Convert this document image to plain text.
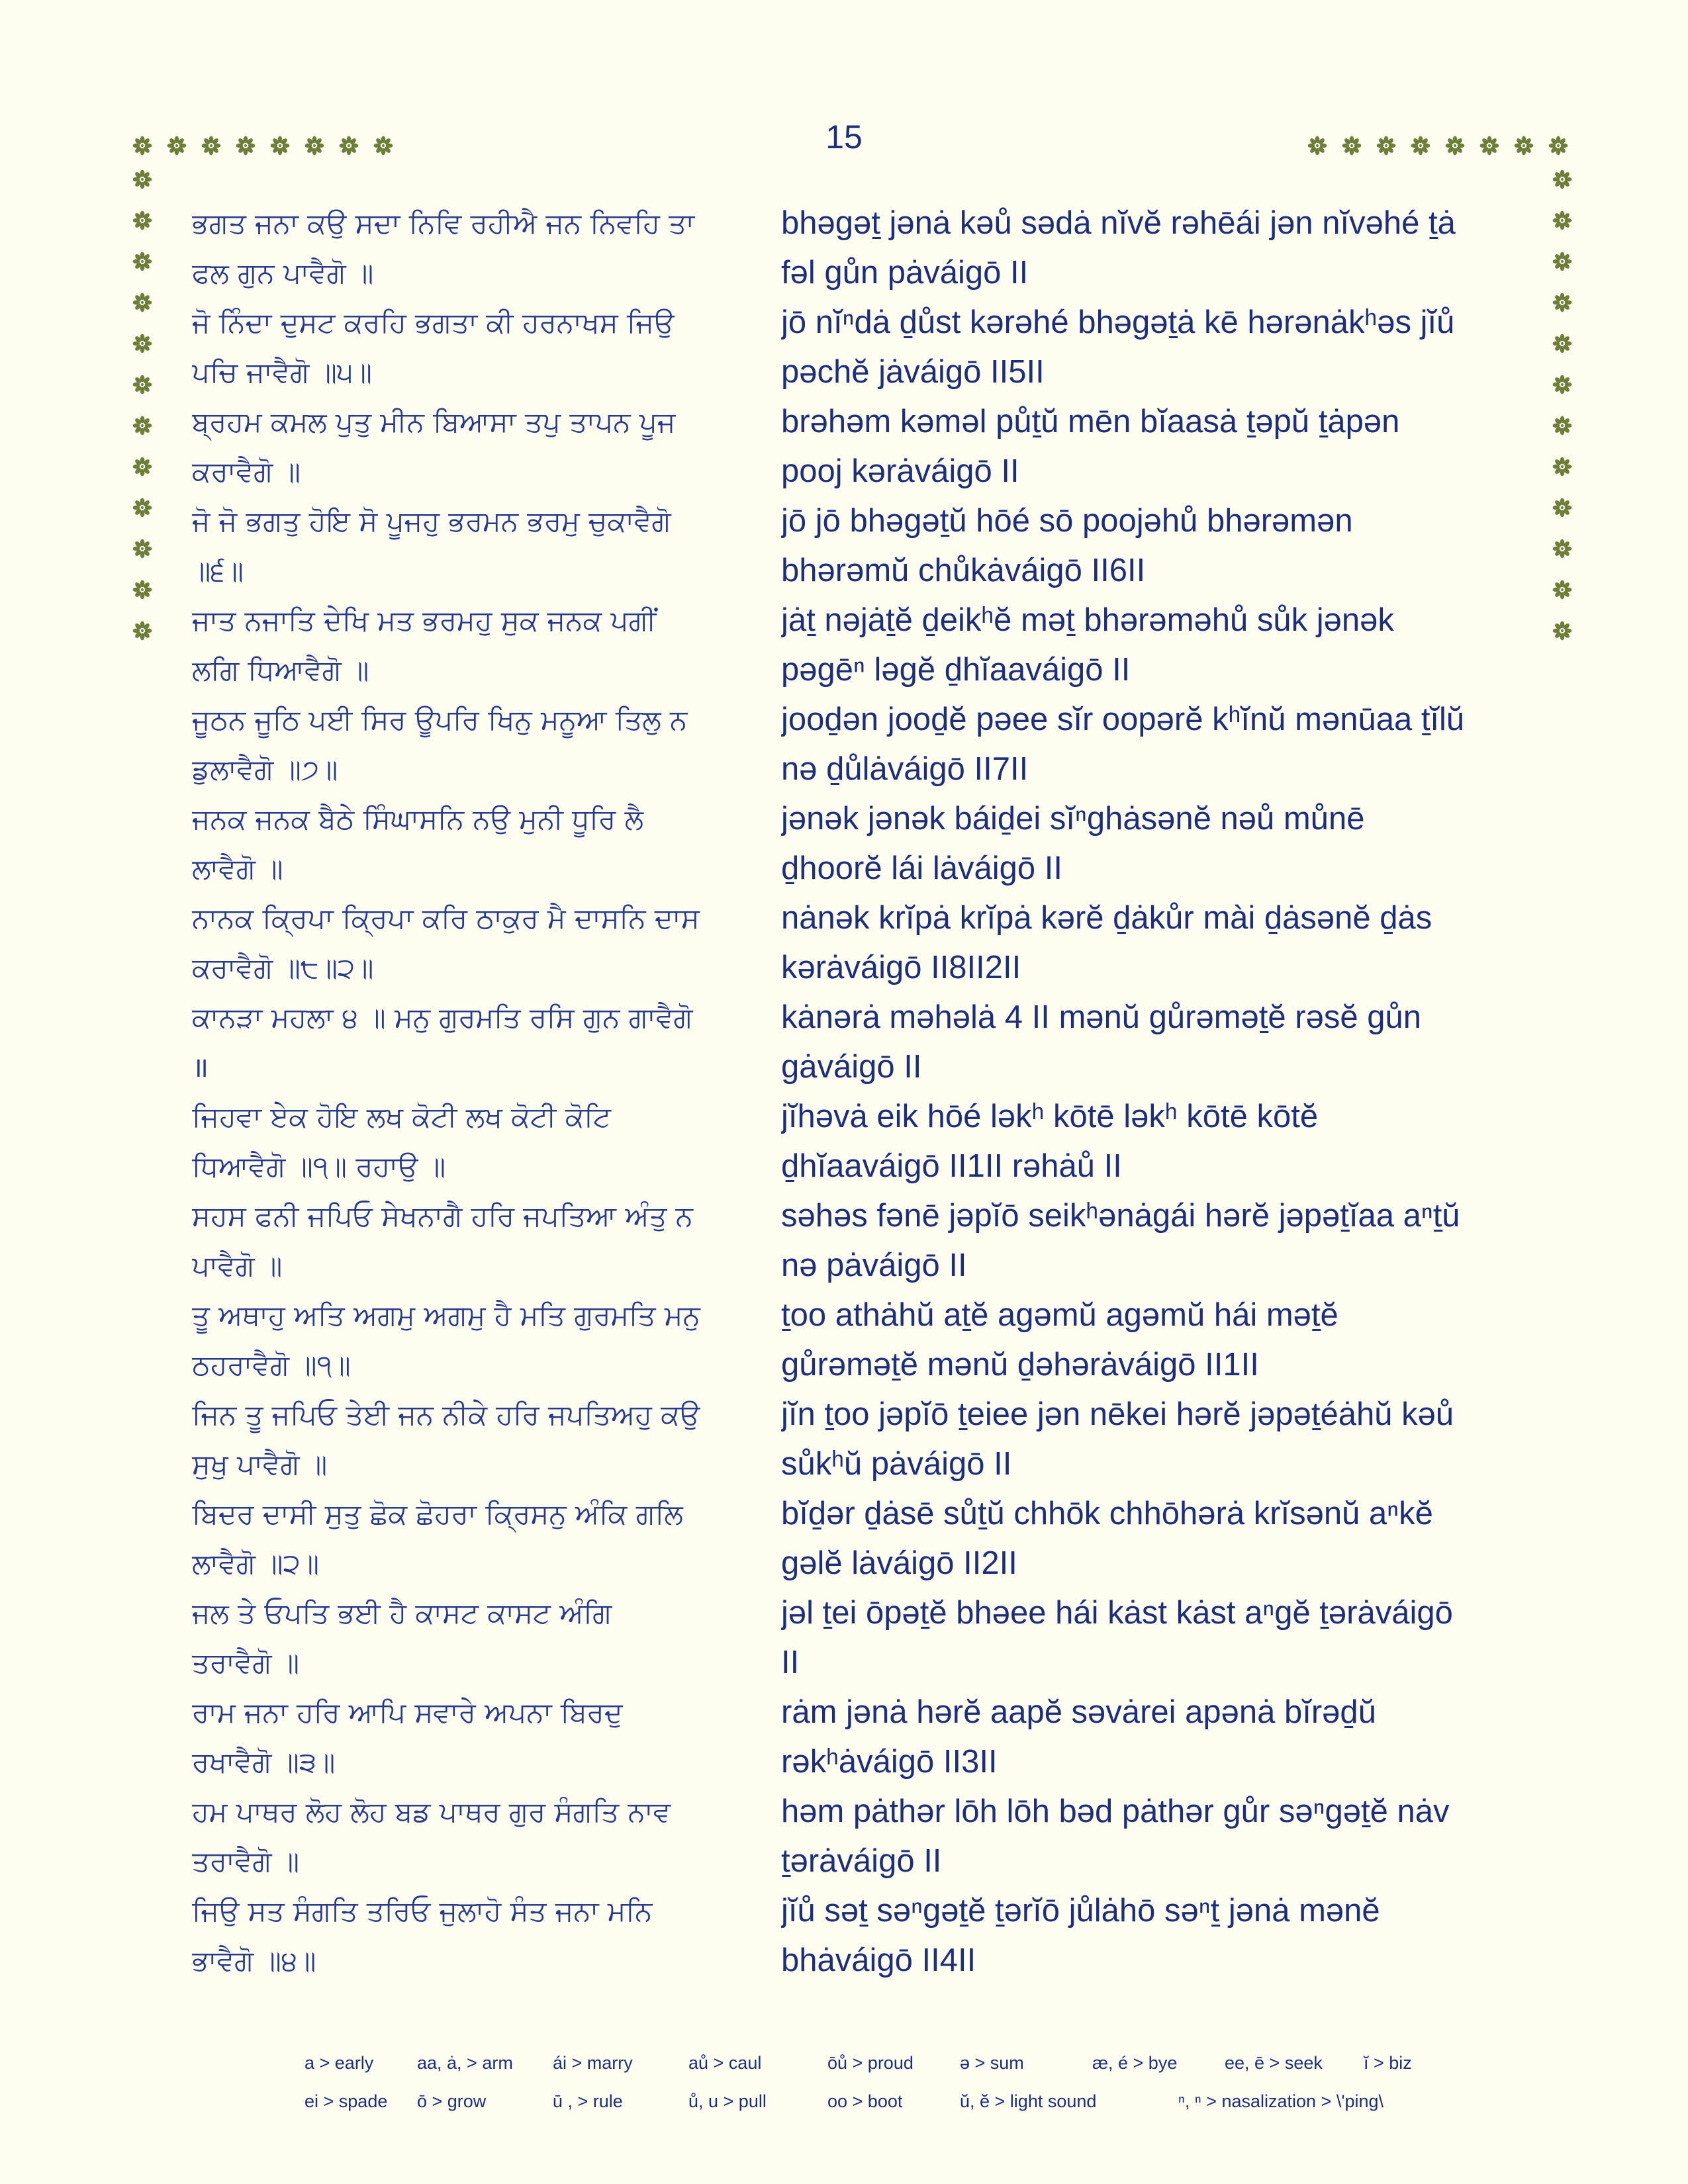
15
ਭਗਤ ਜਨਾ ਕਉ ਸਦਾ ਨਿਵਿ ਰਹੀਐ ਜਨ ਨਿਵਹਿ ਤਾ
ਫਲ ਗੁਨ ਪਾਵੈਗੋ ॥
bhəgəṯ jənȧ kəů sədȧ nĭvĕ rəhēái jən nĭvəhé ṯȧ
fəl gůn pȧváigō II
ਜੋ ਨਿੰਦਾ ਦੁਸਟ ਕਰਹਿ ਭਗਤਾ ਕੀ ਹਰਨਾਖਸ ਜਿਉ
ਪਚਿ ਜਾਵੈਗੋ ॥੫॥
jō nĭⁿdȧ ḏůst kərəhé bhəgəṯȧ kē hərənȧkʰəs jĭů
pəchĕ jȧváigō II5II
ਬ੍ਰਹਮ ਕਮਲ ਪੁਤੁ ਮੀਨ ਬਿਆਸਾ ਤਪੁ ਤਾਪਨ ਪੂਜ
ਕਰਾਵੈਗੋ ॥
brəhəm kəməl půṯŭ mēn bĭaasȧ ṯəpŭ ṯȧpən
pooj kərȧváigō II
ਜੋ ਜੋ ਭਗਤੁ ਹੋਇ ਸੋ ਪੂਜਹੁ ਭਰਮਨ ਭਰਮੁ ਚੁਕਾਵੈਗੋ
॥੬॥
jō jō bhəgəṯŭ hōé sō poojəhů bhərəmən
bhərəmŭ chůkȧváigō II6II
ਜਾਤ ਨਜਾਤਿ ਦੇਖਿ ਮਤ ਭਰਮਹੁ ਸੁਕ ਜਨਕ ਪਗੀਂ
ਲਗਿ ਧਿਆਵੈਗੋ ॥
jȧṯ nəjȧṯĕ ḏeikʰĕ məṯ bhərəməhů sůk jənək
pəgēⁿ ləgĕ ḏhĭaaváigō II
ਜੂਠਨ ਜੂਠਿ ਪਈ ਸਿਰ ਊਪਰਿ ਖਿਨੁ ਮਨੂਆ ਤਿਲੁ ਨ
ਡੁਲਾਵੈਗੋ ॥੭॥
jooḏən jooḏĕ pəee sĭr oopərĕ kʰĭnŭ mənūaa ṯĭlŭ
nə ḏůlȧváigō II7II
ਜਨਕ ਜਨਕ ਬੈਠੇ ਸਿੰਘਾਸਨਿ ਨਉ ਮੁਨੀ ਧੂਰਿ ਲੈ
ਲਾਵੈਗੋ ॥
jənək jənək báiḏei sĭⁿghȧsənĕ nəů můnē
ḏhoorĕ lái lȧváigō II
ਨਾਨਕ ਕ੍ਰਿਪਾ ਕ੍ਰਿਪਾ ਕਰਿ ਠਾਕੁਰ ਮੈ ਦਾਸਨਿ ਦਾਸ
ਕਰਾਵੈਗੋ ॥੮॥੨॥
nȧnək krĭpȧ krĭpȧ kərĕ ḏȧkůr mài ḏȧsənĕ ḏȧs
kərȧváigō II8II2II
ਕਾਨੜਾ ਮਹਲਾ ੪ ॥ ਮਨੁ ਗੁਰਮਤਿ ਰਸਿ ਗੁਨ ਗਾਵੈਗੋ
॥
kȧnərȧ məhəlȧ 4 II mənŭ gůrəməṯĕ rəsĕ gůn
gȧváigō II
ਜਿਹਵਾ ਏਕ ਹੋਇ ਲਖ ਕੋਟੀ ਲਖ ਕੋਟੀ ਕੋਟਿ
ਧਿਆਵੈਗੋ ॥੧॥ ਰਹਾਉ ॥
jĭhəvȧ eik hōé ləkʰ kōtē ləkʰ kōtē kōtĕ
ḏhĭaaváigō II1II rəhȧů II
ਸਹਸ ਫਨੀ ਜਪਿਓ ਸੇਖਨਾਗੈ ਹਰਿ ਜਪਤਿਆ ਅੰਤੁ ਨ
ਪਾਵੈਗੋ ॥
səhəs fənē jəpĭō seikʰənȧgái hərĕ jəpəṯĭaa aⁿṯŭ
nə pȧváigō II
ਤੂ ਅਥਾਹੁ ਅਤਿ ਅਗਮੁ ਅਗਮੁ ਹੈ ਮਤਿ ਗੁਰਮਤਿ ਮਨੁ
ਠਹਰਾਵੈਗੋ ॥੧॥
ṯoo athȧhŭ aṯĕ agəmŭ agəmŭ hái məṯĕ
gůrəməṯĕ mənŭ ḏəhərȧváigō II1II
ਜਿਨ ਤੂ ਜਪਿਓ ਤੇਈ ਜਨ ਨੀਕੇ ਹਰਿ ਜਪਤਿਅਹੁ ਕਉ
ਸੁਖੁ ਪਾਵੈਗੋ ॥
jĭn ṯoo jəpĭō ṯeiee jən nēkei hərĕ jəpəṯéȧhŭ kəů
sůkʰŭ pȧváigō II
ਬਿਦਰ ਦਾਸੀ ਸੁਤੁ ਛੋਕ ਛੋਹਰਾ ਕ੍ਰਿਸਨੁ ਅੰਕਿ ਗਲਿ
ਲਾਵੈਗੋ ॥੨॥
bĭḏər ḏȧsē sůṯŭ chhōk chhōhərȧ krĭsənŭ aⁿkĕ
gəlĕ lȧváigō II2II
ਜਲ ਤੇ ਓਪਤਿ ਭਈ ਹੈ ਕਾਸਟ ਕਾਸਟ ਅੰਗਿ
ਤਰਾਵੈਗੋ ॥
jəl ṯei ōpəṯĕ bhəee hái kȧst kȧst aⁿgĕ ṯərȧváigō
II
ਰਾਮ ਜਨਾ ਹਰਿ ਆਪਿ ਸਵਾਰੇ ਅਪਨਾ ਬਿਰਦੁ
ਰਖਾਵੈਗੋ ॥੩॥
rȧm jənȧ hərĕ aapĕ səvȧrei apənȧ bĭrəḏŭ
rəkʰȧváigō II3II
ਹਮ ਪਾਥਰ ਲੋਹ ਲੋਹ ਬਡ ਪਾਥਰ ਗੁਰ ਸੰਗਤਿ ਨਾਵ
ਤਰਾਵੈਗੋ ॥
həm pȧthər lōh lōh bəd pȧthər gůr səⁿgəṯĕ nȧv
ṯərȧváigō II
ਜਿਉ ਸਤ ਸੰਗਤਿ ਤਰਿਓ ਜੁਲਾਹੋ ਸੰਤ ਜਨਾ ਮਨਿ
ਭਾਵੈਗੋ ॥੪॥
jĭů səṯ səⁿgəṯĕ ṯərĭō jůlȧhō səⁿṯ jənȧ mənĕ
bhȧváigō II4II
a > early	aa, ȧ, > arm	ái > marry	aů > caul	ōů > proud	ə > sum	æ, é > bye	ee, ē > seek	ĭ > biz
ei > spade	ō > grow	ū , > rule	ů, u > pull	oo > boot	ŭ, ĕ > light sound	ⁿ, ⁿ > nasalization > \'ping\
